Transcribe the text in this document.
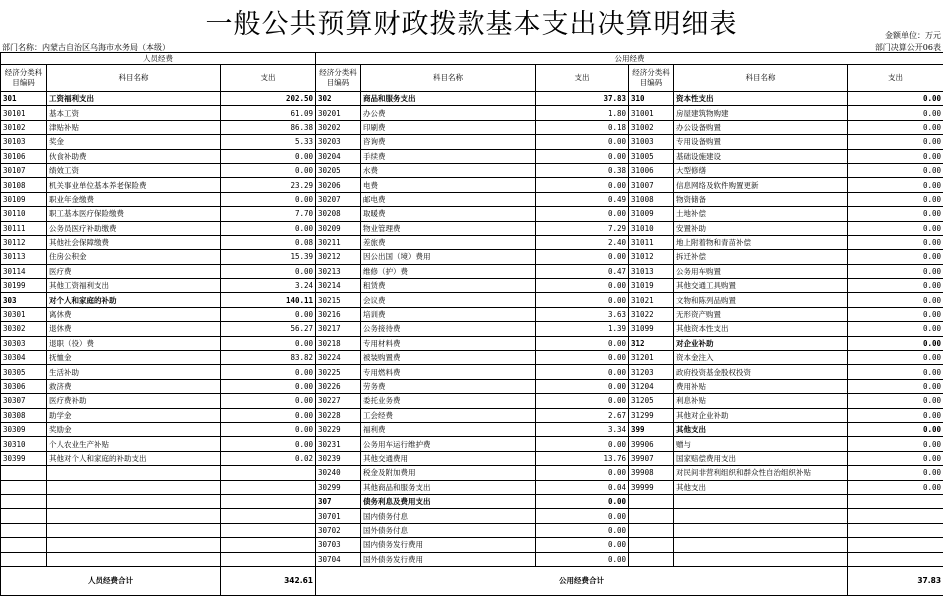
一般公共预算财政拨款基本支出决算明细表	金额单位：万元
部门名称：内蒙古自治区乌海市水务局（本级）	部门决算公开06表
人员经费			公用经费					
经济分类科目编码	科目名称	支出	经济分类科目编码	科目名称	支出	经济分类科目编码	科目名称	支出
301	工资福利支出	202.50	302	商品和服务支出	37.83	310	资本性支出	0.00
30101	基本工资	61.09	30201	办公费	1.80	31001	房屋建筑物购建	0.00
30102	津贴补贴	86.38	30202	印刷费	0.18	31002	办公设备购置	0.00
30103	奖金	5.33	30203	咨询费	0.00	31003	专用设备购置	0.00
30106	伙食补助费	0.00	30204	手续费	0.00	31005	基础设施建设	0.00
30107	绩效工资	0.00	30205	水费	0.38	31006	大型修缮	0.00
30108	机关事业单位基本养老保险费	23.29	30206	电费	0.00	31007	信息网络及软件购置更新	0.00
30109	职业年金缴费	0.00	30207	邮电费	0.49	31008	物资储备	0.00
30110	职工基本医疗保险缴费	7.70	30208	取暖费	0.00	31009	土地补偿	0.00
30111	公务员医疗补助缴费	0.00	30209	物业管理费	7.29	31010	安置补助	0.00
30112	其他社会保障缴费	0.08	30211	差旅费	2.40	31011	地上附着物和青苗补偿	0.00
30113	住房公积金	15.39	30212	因公出国（境）费用	0.00	31012	拆迁补偿	0.00
30114	医疗费	0.00	30213	维修（护）费	0.47	31013	公务用车购置	0.00
30199	其他工资福利支出	3.24	30214	租赁费	0.00	31019	其他交通工具购置	0.00
303	对个人和家庭的补助	140.11	30215	会议费	0.00	31021	文物和陈列品购置	0.00
30301	离休费	0.00	30216	培训费	3.63	31022	无形资产购置	0.00
30302	退休费	56.27	30217	公务接待费	1.39	31099	其他资本性支出	0.00
30303	退职（役）费	0.00	30218	专用材料费	0.00	312	对企业补助	0.00
30304	抚恤金	83.82	30224	被装购置费	0.00	31201	资本金注入	0.00
30305	生活补助	0.00	30225	专用燃料费	0.00	31203	政府投资基金股权投资	0.00
30306	救济费	0.00	30226	劳务费	0.00	31204	费用补贴	0.00
30307	医疗费补助	0.00	30227	委托业务费	0.00	31205	利息补贴	0.00
30308	助学金	0.00	30228	工会经费	2.67	31299	其他对企业补助	0.00
30309	奖励金	0.00	30229	福利费	3.34	399	其他支出	0.00
30310	个人农业生产补贴	0.00	30231	公务用车运行维护费	0.00	39906	赠与	0.00
30399	其他对个人和家庭的补助支出	0.02	30239	其他交通费用	13.76	39907	国家赔偿费用支出	0.00
			30240	税金及附加费用	0.00	39908	对民间非营利组织和群众性自治组织补贴	0.00
			30299	其他商品和服务支出	0.04	39999	其他支出	0.00
			307	债务利息及费用支出	0.00			
			30701	国内债务付息	0.00			
			30702	国外债务付息	0.00			
			30703	国内债务发行费用	0.00			
			30704	国外债务发行费用	0.00			
人员经费合计		342.61	公用经费合计					37.83
